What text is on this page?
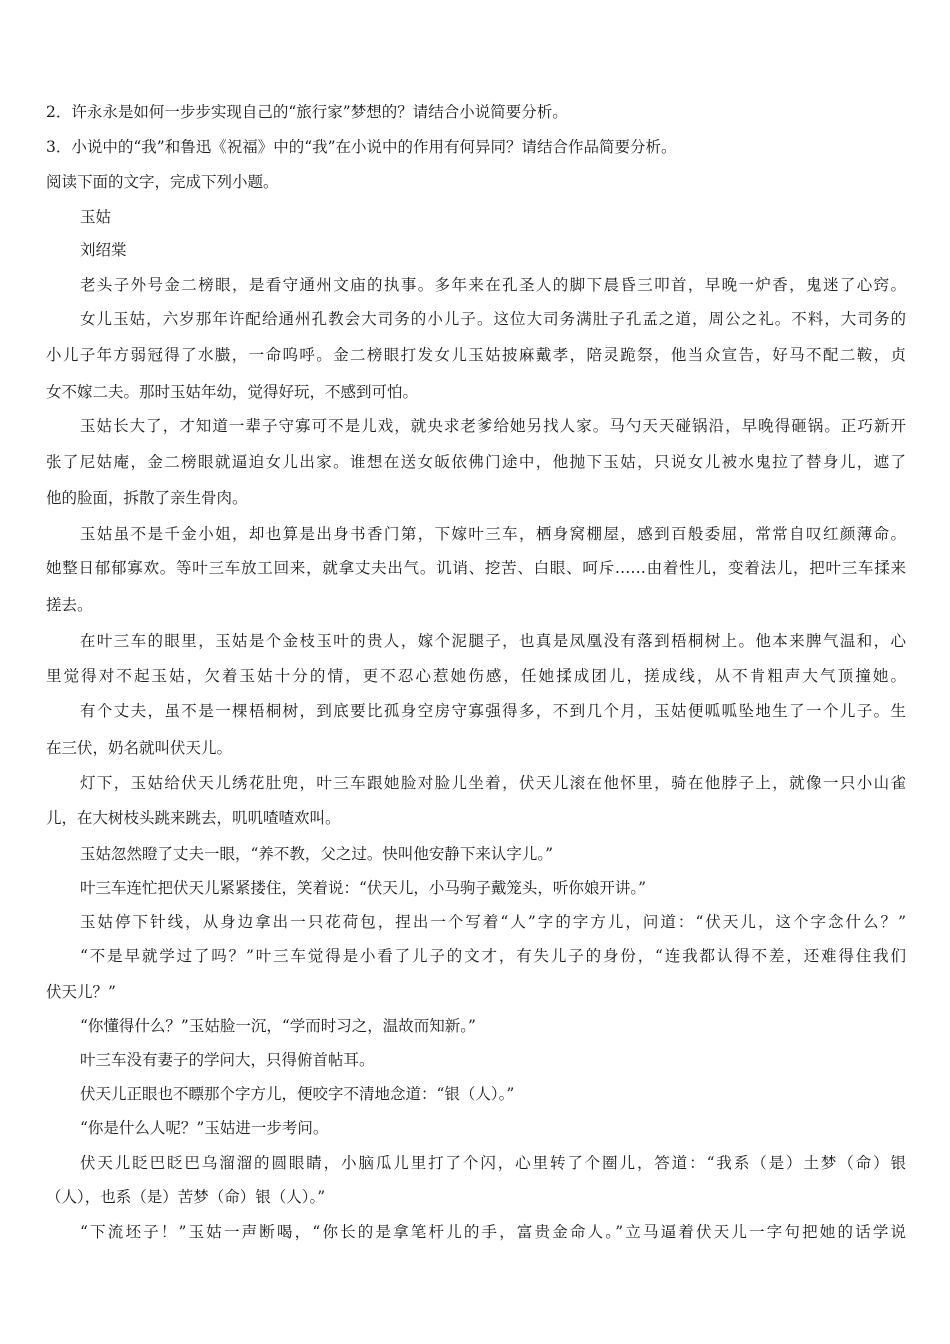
2．许永永是如何一步步实现自己的“旅行家”梦想的？请结合小说简要分析。
3．小说中的“我”和鲁迅《祝福》中的“我”在小说中的作用有何异同？请结合作品简要分析。
阅读下面的文字，完成下列小题。
玉姑
刘绍棠
老头子外号金二榜眼，是看守通州文庙的执事。多年来在孔圣人的脚下晨昏三叩首，早晚一炉香，鬼迷了心窍。
女儿玉姑，六岁那年许配给通州孔教会大司务的小儿子。这位大司务满肚子孔孟之道，周公之礼。不料，大司务的
小儿子年方弱冠得了水臌，一命呜呼。金二榜眼打发女儿玉姑披麻戴孝，陪灵跪祭，他当众宣告，好马不配二鞍，贞
女不嫁二夫。那时玉姑年幼，觉得好玩，不感到可怕。
玉姑长大了，才知道一辈子守寡可不是儿戏，就央求老爹给她另找人家。马勺天天碰锅沿，早晚得砸锅。正巧新开
张了尼姑庵，金二榜眼就逼迫女儿出家。谁想在送女皈依佛门途中，他抛下玉姑，只说女儿被水鬼拉了替身儿，遮了
他的脸面，拆散了亲生骨肉。
玉姑虽不是千金小姐，却也算是出身书香门第，下嫁叶三车，栖身窝棚屋，感到百般委屈，常常自叹红颜薄命。
她整日郁郁寡欢。等叶三车放工回来，就拿丈夫出气。讥诮、挖苦、白眼、呵斥……由着性儿，变着法儿，把叶三车揉来
搓去。
在叶三车的眼里，玉姑是个金枝玉叶的贵人，嫁个泥腿子，也真是凤凰没有落到梧桐树上。他本来脾气温和，心
里觉得对不起玉姑，欠着玉姑十分的情，更不忍心惹她伤感，任她揉成团儿，搓成线，从不肯粗声大气顶撞她。
有个丈夫，虽不是一棵梧桐树，到底要比孤身空房守寡强得多，不到几个月，玉姑便呱呱坠地生了一个儿子。生
在三伏，奶名就叫伏天儿。
灯下，玉姑给伏天儿绣花肚兜，叶三车跟她脸对脸儿坐着，伏天儿滚在他怀里，骑在他脖子上，就像一只小山雀
儿，在大树枝头跳来跳去，叽叽喳喳欢叫。
玉姑忽然瞪了丈夫一眼，“养不教，父之过。快叫他安静下来认字儿。”
叶三车连忙把伏天儿紧紧搂住，笑着说：“伏天儿，小马驹子戴笼头，听你娘开讲。”
玉姑停下针线，从身边拿出一只花荷包，捏出一个写着“人”字的字方儿，问道：“伏天儿，这个字念什么？”
“不是早就学过了吗？”叶三车觉得是小看了儿子的文才，有失儿子的身份，“连我都认得不差，还难得住我们
伏天儿？”
“你懂得什么？”玉姑脸一沉，“学而时习之，温故而知新。”
叶三车没有妻子的学问大，只得俯首帖耳。
伏天儿正眼也不瞟那个字方儿，便咬字不清地念道：“银（人）。”
“你是什么人呢？”玉姑进一步考问。
伏天儿眨巴眨巴乌溜溜的圆眼睛，小脑瓜儿里打了个闪，心里转了个圈儿，答道：“我系（是）土梦（命）银
（人），也系（是）苦梦（命）银（人）。”
“下流坯子！”玉姑一声断喝，“你长的是拿笔杆儿的手，富贵金命人。”立马逼着伏天儿一字句把她的话学说
